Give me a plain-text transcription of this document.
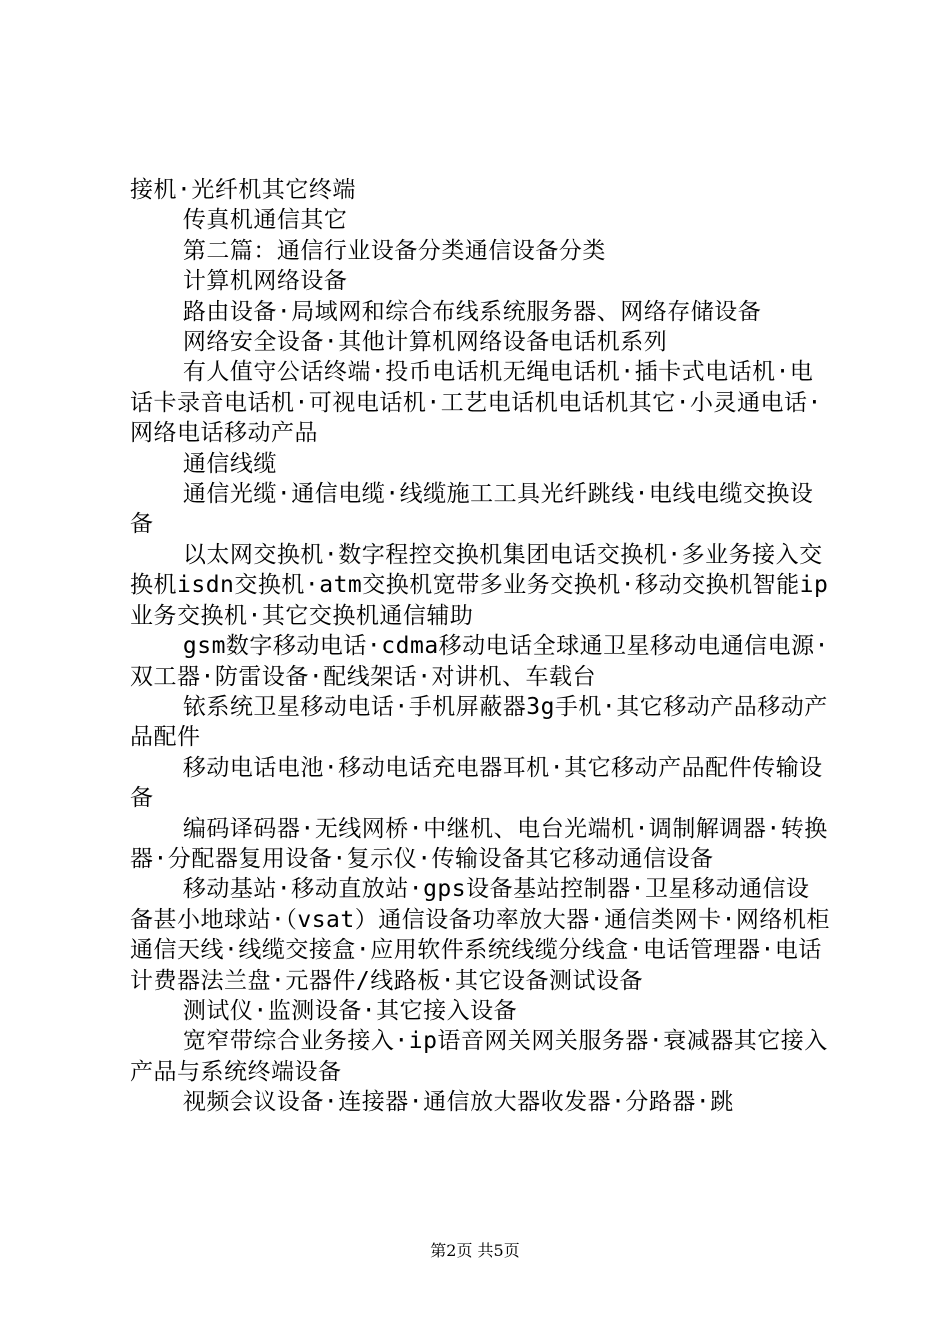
接机·光纤机其它终端

传真机通信其它

第二篇：通信行业设备分类通信设备分类

计算机网络设备

路由设备·局域网和综合布线系统服务器、网络存储设备

网络安全设备·其他计算机网络设备电话机系列

有人值守公话终端·投币电话机无绳电话机·插卡式电话机·电话卡录音电话机·可视电话机·工艺电话机电话机其它·小灵通电话·网络电话移动产品

通信线缆

通信光缆·通信电缆·线缆施工工具光纤跳线·电线电缆交换设备

以太网交换机·数字程控交换机集团电话交换机·多业务接入交换机isdn交换机·atm交换机宽带多业务交换机·移动交换机智能ip业务交换机·其它交换机通信辅助

gsm数字移动电话·cdma移动电话全球通卫星移动电通信电源·双工器·防雷设备·配线架话·对讲机、车载台

铱系统卫星移动电话·手机屏蔽器3g手机·其它移动产品移动产品配件

移动电话电池·移动电话充电器耳机·其它移动产品配件传输设备

编码译码器·无线网桥·中继机、电台光端机·调制解调器·转换器·分配器复用设备·复示仪·传输设备其它移动通信设备

移动基站·移动直放站·gps设备基站控制器·卫星移动通信设备甚小地球站·（vsat）通信设备功率放大器·通信类网卡·网络机柜通信天线·线缆交接盒·应用软件系统线缆分线盒·电话管理器·电话计费器法兰盘·元器件/线路板·其它设备测试设备

测试仪·监测设备·其它接入设备

宽窄带综合业务接入·ip语音网关网关服务器·衰减器其它接入产品与系统终端设备

视频会议设备·连接器·通信放大器收发器·分路器·跳

第2页 共5页
